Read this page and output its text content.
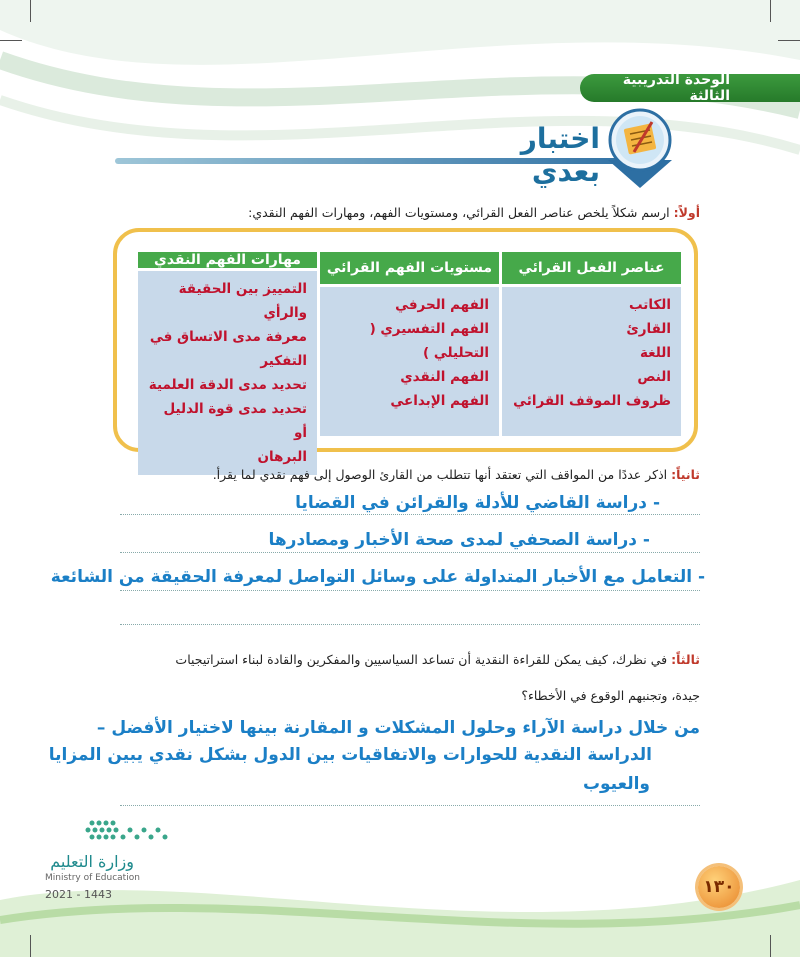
الوحدة التدريبية الثالثة
اختبار بعدي
أولاً: ارسم شكلاً يلخص عناصر الفعل القرائي، ومستويات الفهم، ومهارات الفهم النقدي:
عناصر الفعل القرائي
الكاتب
القارئ
اللغة
النص
ظروف الموقف القرائي
مستويات الفهم القرائي
الفهم الحرفي
الفهم التفسيري ( التحليلي )
الفهم النقدي
الفهم الإبداعي
مهارات الفهم النقدي
التمييز بين الحقيقة والرأي
معرفة مدى الاتساق في
التفكير
تحديد مدى الدقة العلمية
تحديد مدى قوة الدليل أو
البرهان
ثانياً: اذكر عددًا من المواقف التي تعتقد أنها تتطلب من القارئ الوصول إلى فهم نقدي لما يقرأ.
- دراسة القاضي للأدلة والقرائن في القضايا
- دراسة الصحفي لمدى صحة الأخبار ومصادرها
- التعامل مع الأخبار المتداولة على وسائل التواصل لمعرفة الحقيقة من الشائعة
ثالثاً: في نظرك، كيف يمكن للقراءة النقدية أن تساعد السياسيين والمفكرين والقادة لبناء استراتيجيات
جيدة، وتجنبهم الوقوع في الأخطاء؟
من خلال دراسة الآراء وحلول المشكلات و المقارنة بينها لاختيار الأفضل –
الدراسة النقدية للحوارات والاتفاقيات بين الدول بشكل نقدي يبين المزايا
والعيوب
وزارة التعليم
Ministry of Education
2021 - 1443	١٣٠
